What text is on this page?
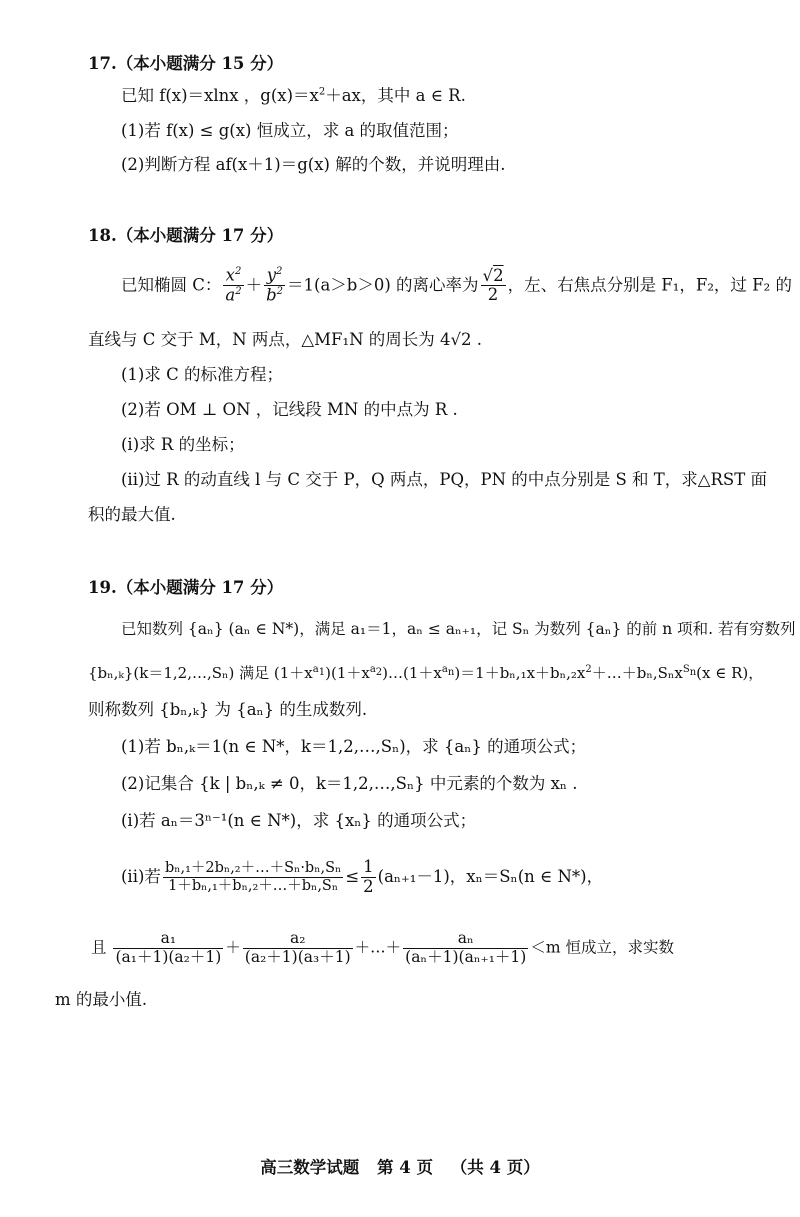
17.（本小题满分 15 分）
已知 f(x)＝xlnx ，$g(x)=x^2+ax$，其中 a ∈ R.
(1)若 f(x) ≤ g(x) 恒成立，求 a 的取值范围；
(2)判断方程 af(x＋1)＝g(x) 解的个数，并说明理由.
18.（本小题满分 17 分）
已知椭圆 C： $\frac{x^2}{a^2} + \frac{y^2}{b^2} =1(a>b>0)$ 的离心率为 $\frac{√2}{2}$ ，左、右焦点分别是 F₁，F₂，过 F₂ 的
直线与 C 交于 M，N 两点，△MF₁N 的周长为 4√2 .
(1)求 C 的标准方程；
(2)若 OM ⊥ ON ，记线段 MN 的中点为 R .
(i)求 R 的坐标；
(ii)过 R 的动直线 l 与 C 交于 P，Q 两点，PQ，PN 的中点分别是 S 和 T，求△RST 面
积的最大值.
19.（本小题满分 17 分）
已知数列 {aₙ} (aₙ ∈ N*)，满足 a₁＝1，aₙ ≤ aₙ₊₁，记 Sₙ 为数列 {aₙ} 的前 n 项和. 若有穷数列
{bₙ,ₖ}(k＝1,2,…,Sₙ) 满足 $(1+x^{a_1})(1+x^{a_2})\dots(1+x^{a_n})=1+b_n,_1x+b_n,_2x^2+\dots+b_n,S_nx^{S_n}(x$ ∈ R)，
则称数列 {bₙ,ₖ} 为 {aₙ} 的生成数列.
(1)若 bₙ,ₖ＝1(n ∈ N*，k＝1,2,…,Sₙ)，求 {aₙ} 的通项公式；
(2)记集合 {k | bₙ,ₖ ≠ 0，k＝1,2,…,Sₙ} 中元素的个数为 xₙ .
(i)若 aₙ＝3ⁿ⁻¹(n ∈ N*)，求 {xₙ} 的通项公式；
(ii)若 $\frac{\text{bₙ,₁＋2bₙ,₂＋…＋Sₙ·bₙ,Sₙ}}{\text{1＋bₙ,₁＋bₙ,₂＋…＋bₙ,Sₙ}} \le \frac{1}{2} (a_{n+1}-1)$，xₙ＝Sₙ(n ∈ N*)，
且 $\frac{\text{a₁}}{\text{(a₁＋1)(a₂＋1)}} + \frac{\text{a₂}}{\text{(a₂＋1)(a₃＋1)}}$ ＋…＋ $\frac{\text{aₙ}}{\text{(aₙ＋1)(aₙ₊₁＋1)}} <m$ 恒成立，求实数
m 的最小值.
高三数学试题 第 4 页 （共 4 页）
